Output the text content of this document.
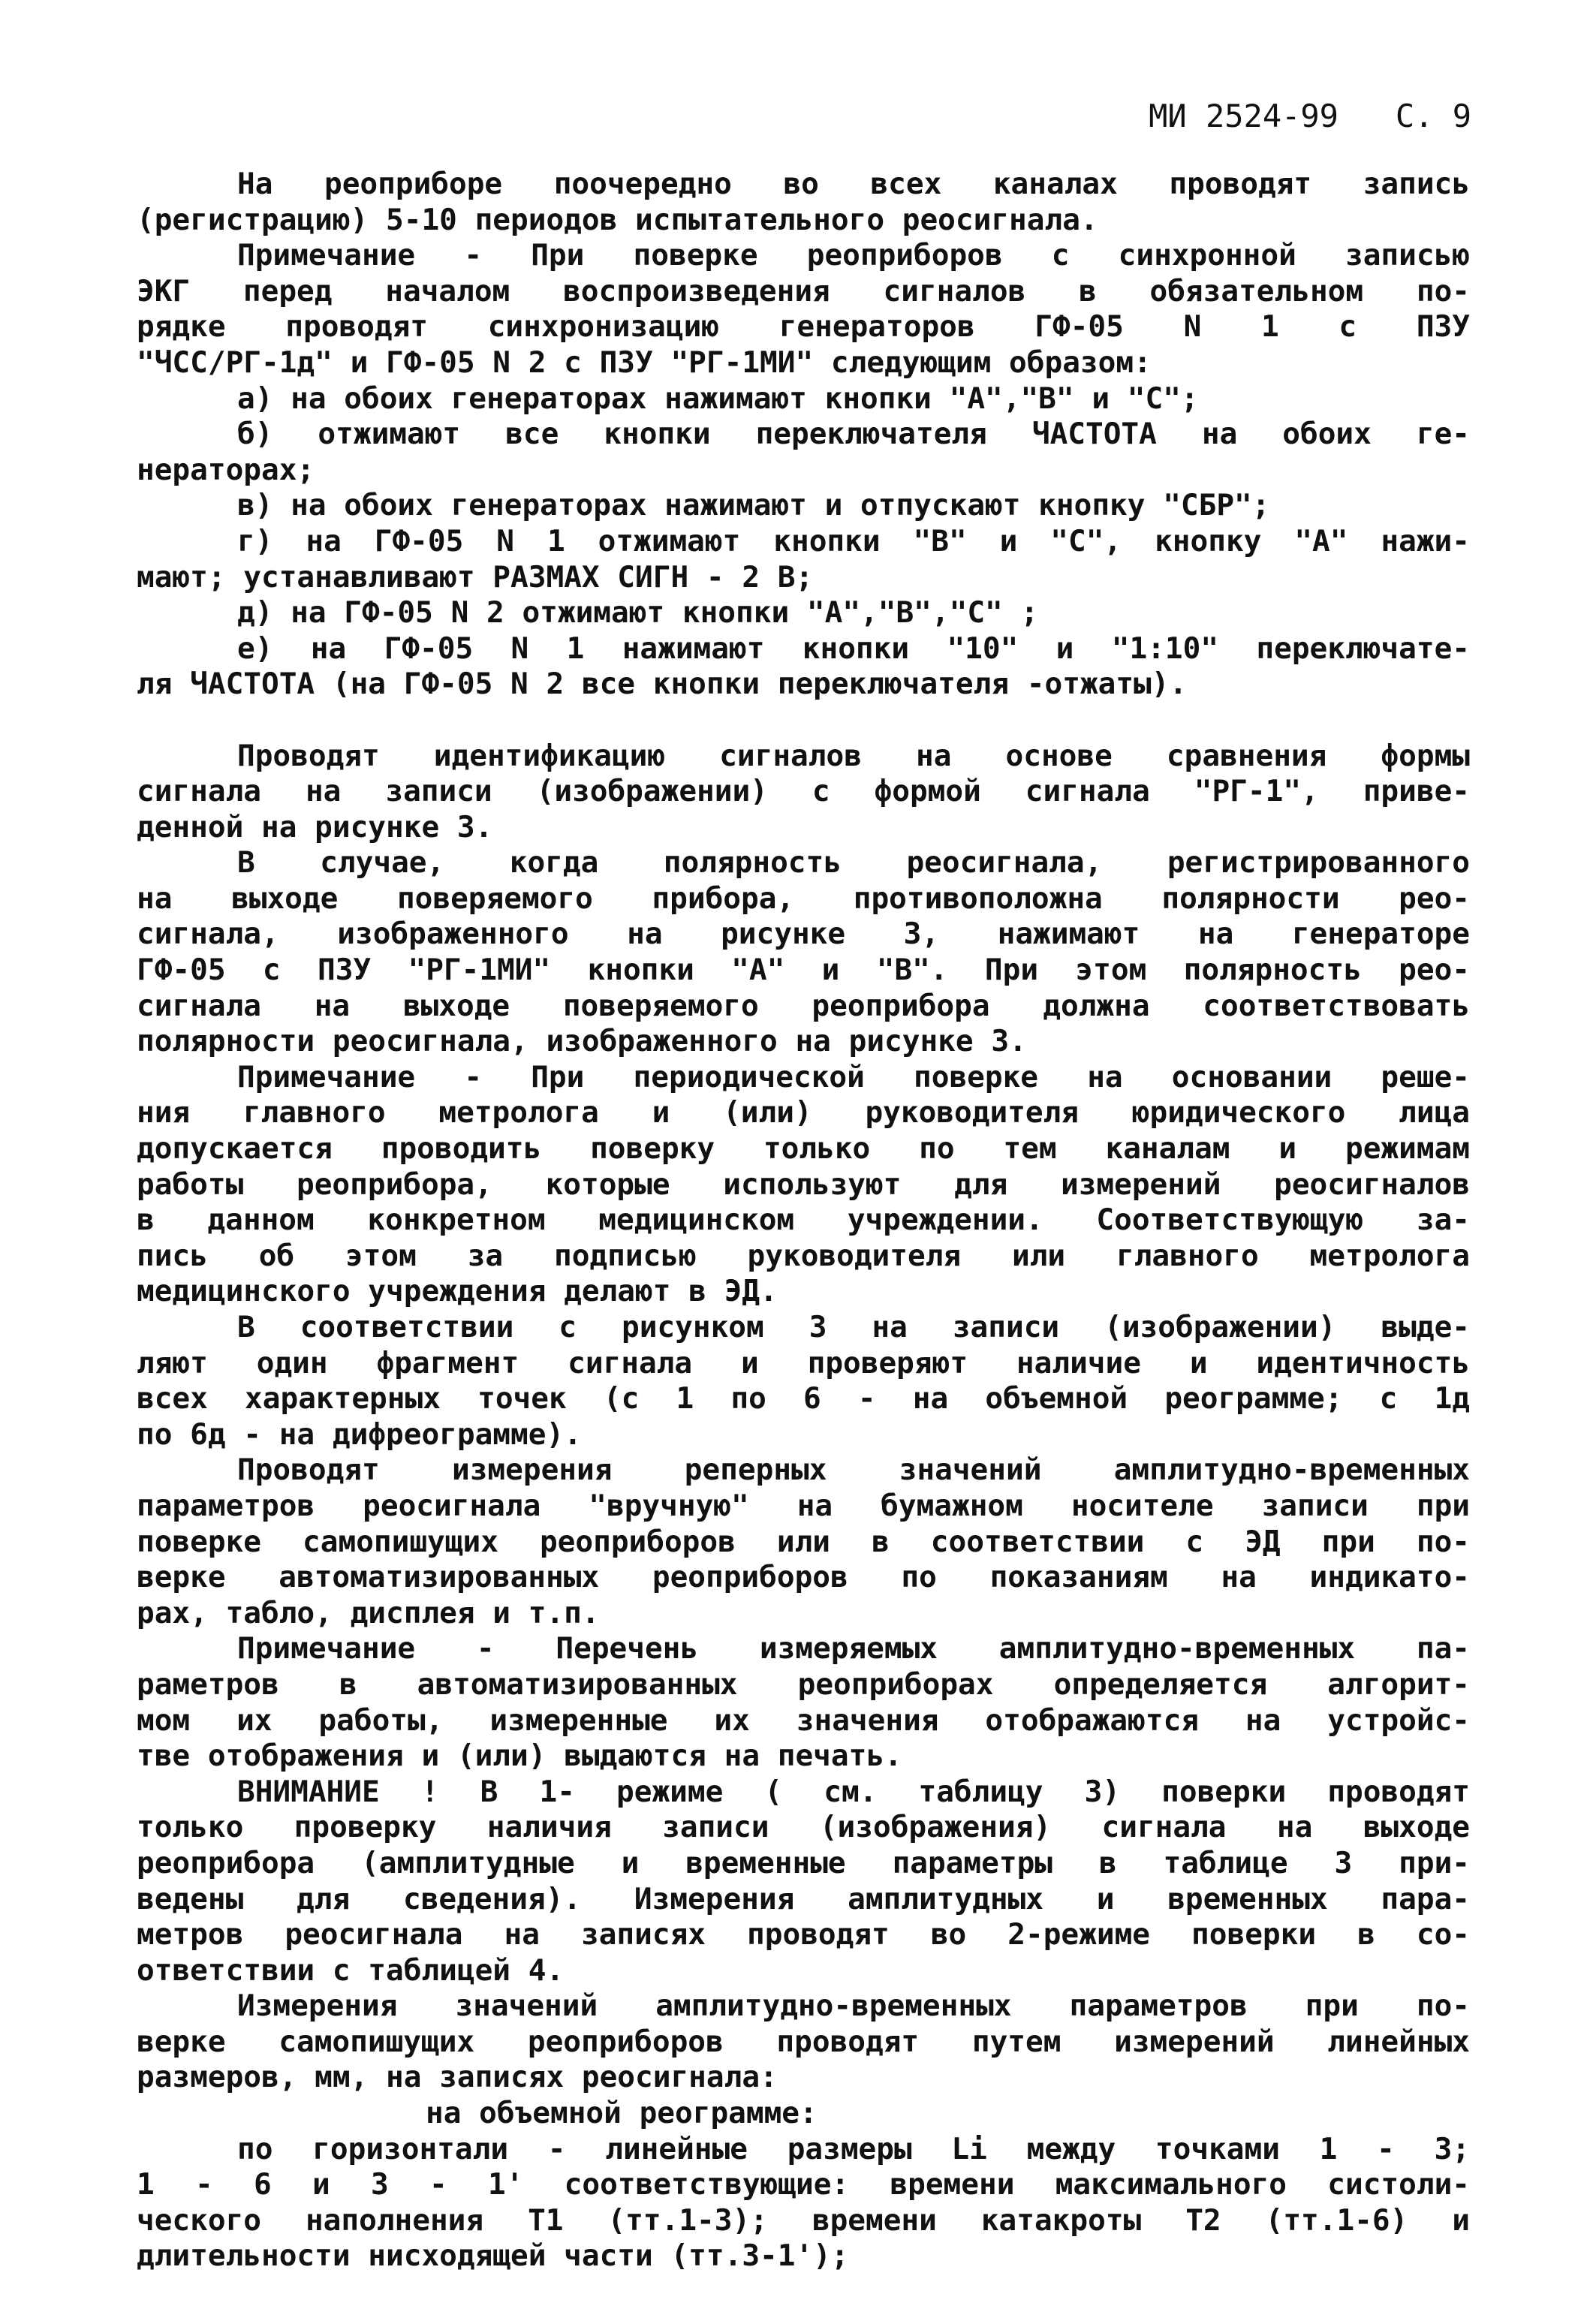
МИ 2524-99 С. 9
На реоприборе поочередно во всех каналах проводят запись
(регистрацию) 5-10 периодов испытательного реосигнала.
Примечание - При поверке реоприборов с синхронной записью
ЭКГ перед началом воспроизведения сигналов в обязательном по-
рядке проводят синхронизацию генераторов ГФ-05 N 1 с ПЗУ
"ЧСС/РГ-1д" и ГФ-05 N 2 с ПЗУ "РГ-1МИ" следующим образом:
а) на обоих генераторах нажимают кнопки "А","В" и "С";
б) отжимают все кнопки переключателя ЧАСТОТА на обоих ге-
нераторах;
в) на обоих генераторах нажимают и отпускают кнопку "СБР";
г) на ГФ-05 N 1 отжимают кнопки "В" и "С", кнопку "А" нажи-
мают; устанавливают РАЗМАХ СИГН - 2 В;
д) на ГФ-05 N 2 отжимают кнопки "А","В","С" ;
е) на ГФ-05 N 1 нажимают кнопки "10" и "1:10" переключате-
ля ЧАСТОТА (на ГФ-05 N 2 все кнопки переключателя -отжаты).
Проводят идентификацию сигналов на основе сравнения формы
сигнала на записи (изображении) с формой сигнала "РГ-1", приве-
денной на рисунке 3.
В случае, когда полярность реосигнала, регистрированного
на выходе поверяемого прибора, противоположна полярности рео-
сигнала, изображенного на рисунке 3, нажимают на генераторе
ГФ-05 с ПЗУ "РГ-1МИ" кнопки "А" и "В". При этом полярность рео-
сигнала на выходе поверяемого реоприбора должна соответствовать
полярности реосигнала, изображенного на рисунке 3.
Примечание - При периодической поверке на основании реше-
ния главного метролога и (или) руководителя юридического лица
допускается проводить поверку только по тем каналам и режимам
работы реоприбора, которые используют для измерений реосигналов
в данном конкретном медицинском учреждении. Соответствующую за-
пись об этом за подписью руководителя или главного метролога
медицинского учреждения делают в ЭД.
В соответствии с рисунком 3 на записи (изображении) выде-
ляют один фрагмент сигнала и проверяют наличие и идентичность
всех характерных точек (с 1 по 6 - на объемной реограмме; с 1д
по 6д - на дифреограмме).
Проводят измерения реперных значений амплитудно-временных
параметров реосигнала "вручную" на бумажном носителе записи при
поверке самопишущих реоприборов или в соответствии с ЭД при по-
верке автоматизированных реоприборов по показаниям на индикато-
рах, табло, дисплея и т.п.
Примечание - Перечень измеряемых амплитудно-временных па-
раметров в автоматизированных реоприборах определяется алгорит-
мом их работы, измеренные их значения отображаются на устройс-
тве отображения и (или) выдаются на печать.
ВНИМАНИЕ ! В 1- режиме ( см. таблицу 3) поверки проводят
только проверку наличия записи (изображения) сигнала на выходе
реоприбора (амплитудные и временные параметры в таблице 3 при-
ведены для сведения). Измерения амплитудных и временных пара-
метров реосигнала на записях проводят во 2-режиме поверки в со-
ответствии с таблицей 4.
Измерения значений амплитудно-временных параметров при по-
верке самопишущих реоприборов проводят путем измерений линейных
размеров, мм, на записях реосигнала:
на объемной реограмме:
по горизонтали - линейные размеры Li между точками 1 - 3;
1 - 6 и 3 - 1' соответствующие: времени максимального систоли-
ческого наполнения Т1 (тт.1-3); времени катакроты Т2 (тт.1-6) и
длительности нисходящей части (тт.3-1');
